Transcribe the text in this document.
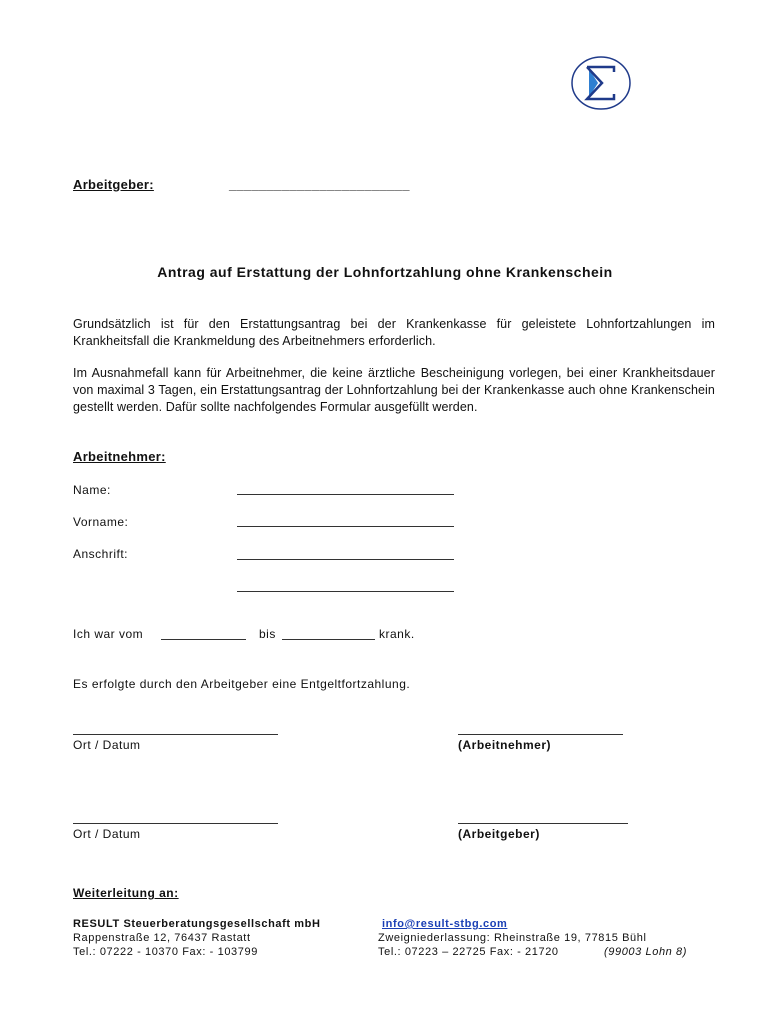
Arbeitgeber:	________________________
Antrag auf Erstattung der Lohnfortzahlung ohne Krankenschein
Grundsätzlich ist für den Erstattungsantrag bei der Krankenkasse für geleistete Lohnfortzahlungen im Krankheitsfall die Krankmeldung des Arbeitnehmers erforderlich.
Im Ausnahmefall kann für Arbeitnehmer, die keine ärztliche Bescheinigung vorlegen, bei einer Krankheitsdauer von maximal 3 Tagen, ein Erstattungsantrag der Lohnfortzahlung bei der Krankenkasse auch ohne Krankenschein gestellt werden. Dafür sollte nachfolgendes Formular ausgefüllt werden.
Arbeitnehmer:
Name:
Vorname:
Anschrift:
Ich war vom	bis	krank.
Es erfolgte durch den Arbeitgeber eine Entgeltfortzahlung.
Ort / Datum	(Arbeitnehmer)
Ort / Datum	(Arbeitgeber)
Weiterleitung an:
RESULT Steuerberatungsgesellschaft mbH
Rappenstraße 12, 76437 Rastatt
Tel.: 07222 - 10370 Fax: - 103799
info@result-stbg.com
Zweigniederlassung: Rheinstraße 19, 77815 Bühl
Tel.: 07223 – 22725 Fax: - 21720	(99003 Lohn 8)
